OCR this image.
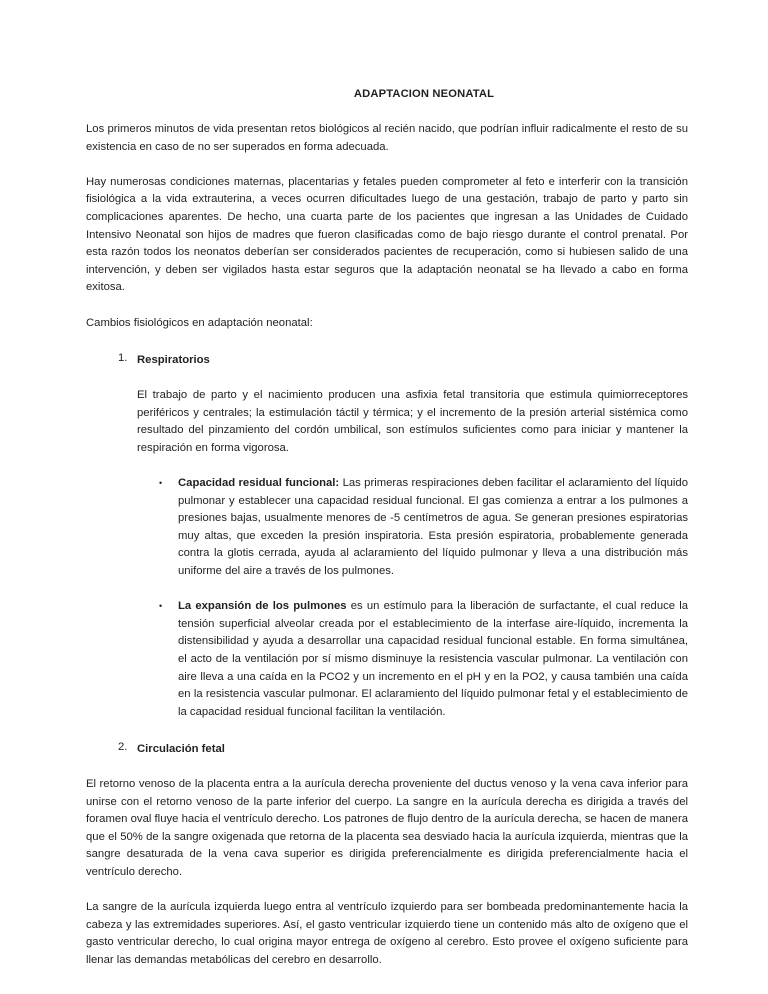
ADAPTACION NEONATAL

Los primeros minutos de vida presentan retos biológicos al recién nacido, que podrían influir radicalmente el resto de su existencia en caso de no ser superados en forma adecuada.

Hay numerosas condiciones maternas, placentarias y fetales pueden comprometer al feto e interferir con la transición fisiológica a la vida extrauterina, a veces ocurren dificultades luego de una gestación, trabajo de parto y parto sin complicaciones aparentes. De hecho, una cuarta parte de los pacientes que ingresan a las Unidades de Cuidado Intensivo Neonatal son hijos de madres que fueron clasificadas como de bajo riesgo durante el control prenatal. Por esta razón todos los neonatos deberían ser considerados pacientes de recuperación, como si hubiesen salido de una intervención, y deben ser vigilados hasta estar seguros que la adaptación neonatal se ha llevado a cabo en forma exitosa.

Cambios fisiológicos en adaptación neonatal:

1. Respiratorios

El trabajo de parto y el nacimiento producen una asfixia fetal transitoria que estimula quimiorreceptores periféricos y centrales; la estimulación táctil y térmica; y el incremento de la presión arterial sistémica como resultado del pinzamiento del cordón umbilical, son estímulos suficientes como para iniciar y mantener la respiración en forma vigorosa.

• Capacidad residual funcional: Las primeras respiraciones deben facilitar el aclaramiento del líquido pulmonar y establecer una capacidad residual funcional. El gas comienza a entrar a los pulmones a presiones bajas, usualmente menores de -5 centímetros de agua. Se generan presiones espiratorias muy altas, que exceden la presión inspiratoria. Esta presión espiratoria, probablemente generada contra la glotis cerrada, ayuda al aclaramiento del líquido pulmonar y lleva a una distribución más uniforme del aire a través de los pulmones.

• La expansión de los pulmones es un estímulo para la liberación de surfactante, el cual reduce la tensión superficial alveolar creada por el establecimiento de la interfase aire-líquido, incrementa la distensibilidad y ayuda a desarrollar una capacidad residual funcional estable. En forma simultánea, el acto de la ventilación por sí mismo disminuye la resistencia vascular pulmonar. La ventilación con aire lleva a una caída en la PCO2 y un incremento en el pH y en la PO2, y causa también una caída en la resistencia vascular pulmonar. El aclaramiento del líquido pulmonar fetal y el establecimiento de la capacidad residual funcional facilitan la ventilación.

2. Circulación fetal

El retorno venoso de la placenta entra a la aurícula derecha proveniente del ductus venoso y la vena cava inferior para unirse con el retorno venoso de la parte inferior del cuerpo. La sangre en la aurícula derecha es dirigida a través del foramen oval fluye hacia el ventrículo derecho. Los patrones de flujo dentro de la aurícula derecha, se hacen de manera que el 50% de la sangre oxigenada que retorna de la placenta sea desviado hacia la aurícula izquierda, mientras que la sangre desaturada de la vena cava superior es dirigida preferencialmente es dirigida preferencialmente hacia el ventrículo derecho.

La sangre de la aurícula izquierda luego entra al ventrículo izquierdo para ser bombeada predominantemente hacia la cabeza y las extremidades superiores. Así, el gasto ventricular izquierdo tiene un contenido más alto de oxígeno que el gasto ventricular derecho, lo cual origina mayor entrega de oxígeno al cerebro. Esto provee el oxígeno suficiente para llenar las demandas metabólicas del cerebro en desarrollo.
